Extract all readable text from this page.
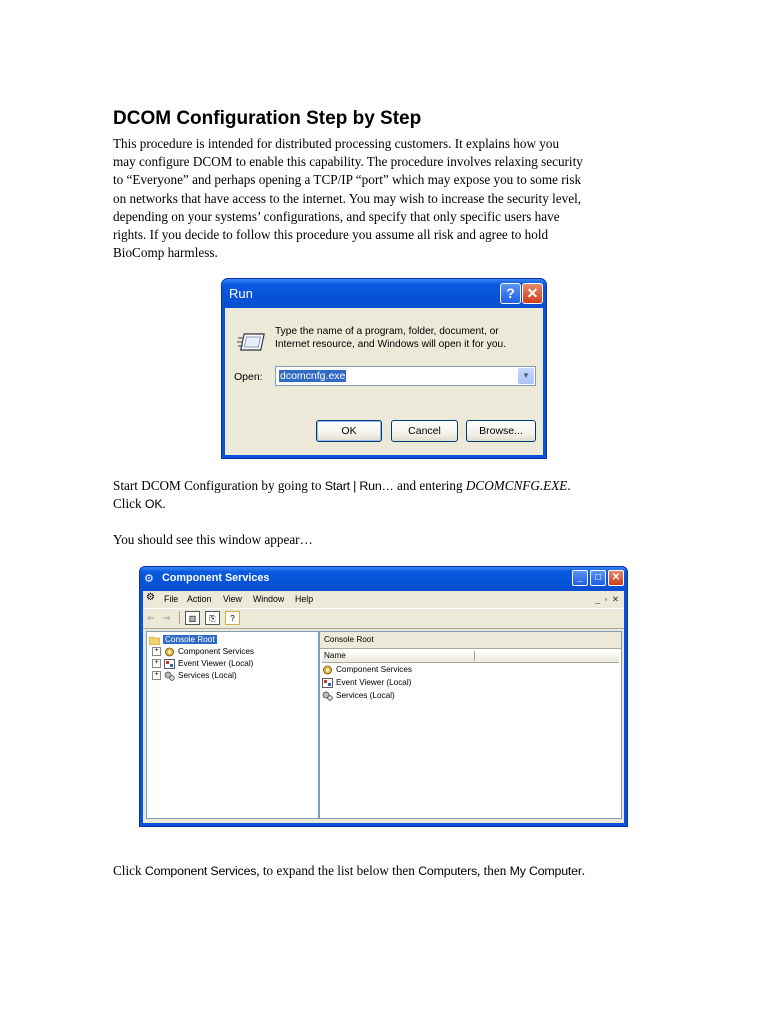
DCOM Configuration Step by Step
This procedure is intended for distributed processing customers. It explains how you
may configure DCOM to enable this capability. The procedure involves relaxing security
to “Everyone” and perhaps opening a TCP/IP “port” which may expose you to some risk
on networks that have access to the internet. You may wish to increase the security level,
depending on your systems’ configurations, and specify that only specific users have
rights. If you decide to follow this procedure you assume all risk and agree to hold
BioComp harmless.
Run	? ✕
Type the name of a program, folder, document, or
Internet resource, and Windows will open it for you.
Open: dcomcnfg.exe	▼
OK	Cancel	Browse...
Start DCOM Configuration by going to Start | Run… and entering DCOMCNFG.EXE.
Click OK.
You should see this window appear…
⚙ Component Services	_	□	✕
⚙ File Action View Window Help	_ ▫ ✕
⇐ ⇒	▥	⎘	?
Console Root
+ Component Services
+ Event Viewer (Local)
+ Services (Local)
Console Root
Name
Component Services
Event Viewer (Local)
Services (Local)
Click Component Services, to expand the list below then Computers, then My Computer.
